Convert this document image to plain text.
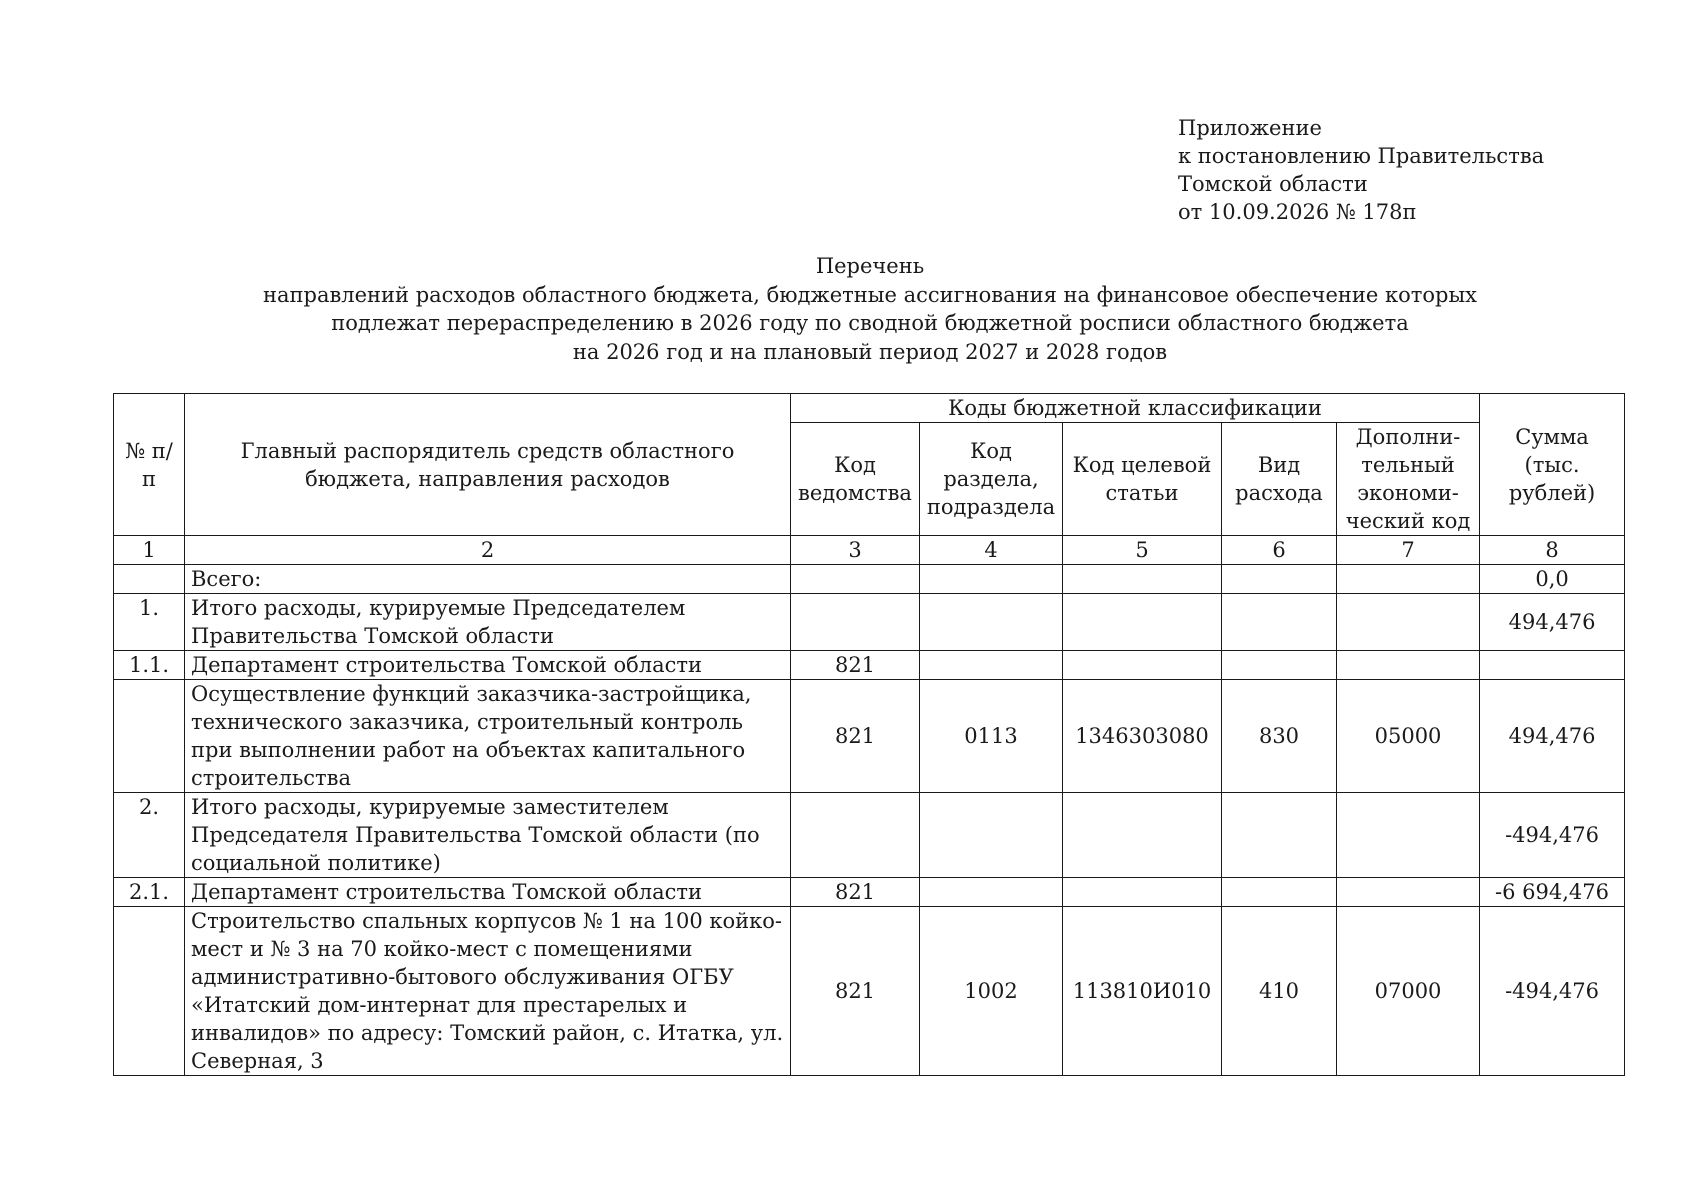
Приложение
к постановлению Правительства
Томской области
от 10.09.2026 № 178п
Перечень
направлений расходов областного бюджета, бюджетные ассигнования на финансовое обеспечение которых
подлежат перераспределению в 2026 году по сводной бюджетной росписи областного бюджета
на 2026 год и на плановый период 2027 и 2028 годов
№ п/п	Главный распорядитель средств областного бюджета, направления расходов	Коды бюджетной классификации					Сумма (тыс. рублей)
		Код ведомства	Код раздела, подраздела	Код целевой статьи	Вид расхода	Дополни-тельный экономи-ческий код	
1	2	3	4	5	6	7	8
	Всего:						0,0
1.	Итого расходы, курируемые Председателем Правительства Томской области						494,476
1.1.	Департамент строительства Томской области	821					
	Осуществление функций заказчика-застройщика, технического заказчика, строительный контроль при выполнении работ на объектах капитального строительства	821	0113	1346303080	830	05000	494,476
2.	Итого расходы, курируемые заместителем Председателя Правительства Томской области (по социальной политике)						-494,476
2.1.	Департамент строительства Томской области	821					-6 694,476
	Строительство спальных корпусов № 1 на 100 койко-мест и № 3 на 70 койко-мест с помещениями административно-бытового обслуживания ОГБУ «Итатский дом-интернат для престарелых и инвалидов» по адресу: Томский район, с. Итатка, ул. Северная, 3	821	1002	113810И010	410	07000	-494,476
